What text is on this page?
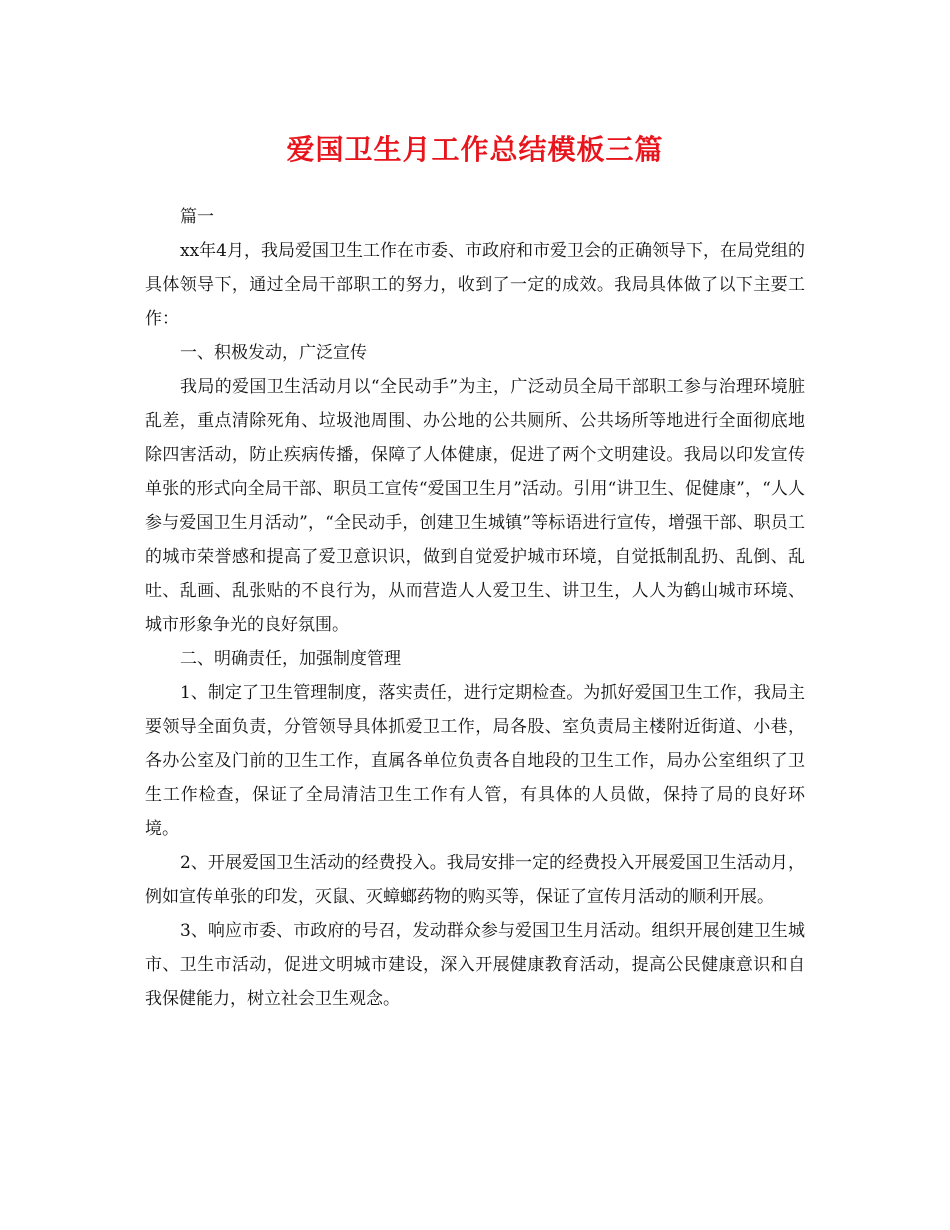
爱国卫生月工作总结模板三篇

篇一

xx年4月，我局爱国卫生工作在市委、市政府和市爱卫会的正确领导下，在局党组的具体领导下，通过全局干部职工的努力，收到了一定的成效。我局具体做了以下主要工作：

一、积极发动，广泛宣传

我局的爱国卫生活动月以“全民动手”为主，广泛动员全局干部职工参与治理环境脏乱差，重点清除死角、垃圾池周围、办公地的公共厕所、公共场所等地进行全面彻底地除四害活动，防止疾病传播，保障了人体健康，促进了两个文明建设。我局以印发宣传单张的形式向全局干部、职员工宣传“爱国卫生月”活动。引用“讲卫生、促健康”，“人人参与爱国卫生月活动”，“全民动手，创建卫生城镇”等标语进行宣传，增强干部、职员工的城市荣誉感和提高了爱卫意识识，做到自觉爱护城市环境，自觉抵制乱扔、乱倒、乱吐、乱画、乱张贴的不良行为，从而营造人人爱卫生、讲卫生，人人为鹤山城市环境、城市形象争光的良好氛围。

二、明确责任，加强制度管理

1、制定了卫生管理制度，落实责任，进行定期检查。为抓好爱国卫生工作，我局主要领导全面负责，分管领导具体抓爱卫工作，局各股、室负责局主楼附近街道、小巷，各办公室及门前的卫生工作，直属各单位负责各自地段的卫生工作，局办公室组织了卫生工作检查，保证了全局清洁卫生工作有人管，有具体的人员做，保持了局的良好环境。

2、开展爱国卫生活动的经费投入。我局安排一定的经费投入开展爱国卫生活动月，例如宣传单张的印发，灭鼠、灭蟑螂药物的购买等，保证了宣传月活动的顺利开展。

3、响应市委、市政府的号召，发动群众参与爱国卫生月活动。组织开展创建卫生城市、卫生市活动，促进文明城市建设，深入开展健康教育活动，提高公民健康意识和自我保健能力，树立社会卫生观念。
